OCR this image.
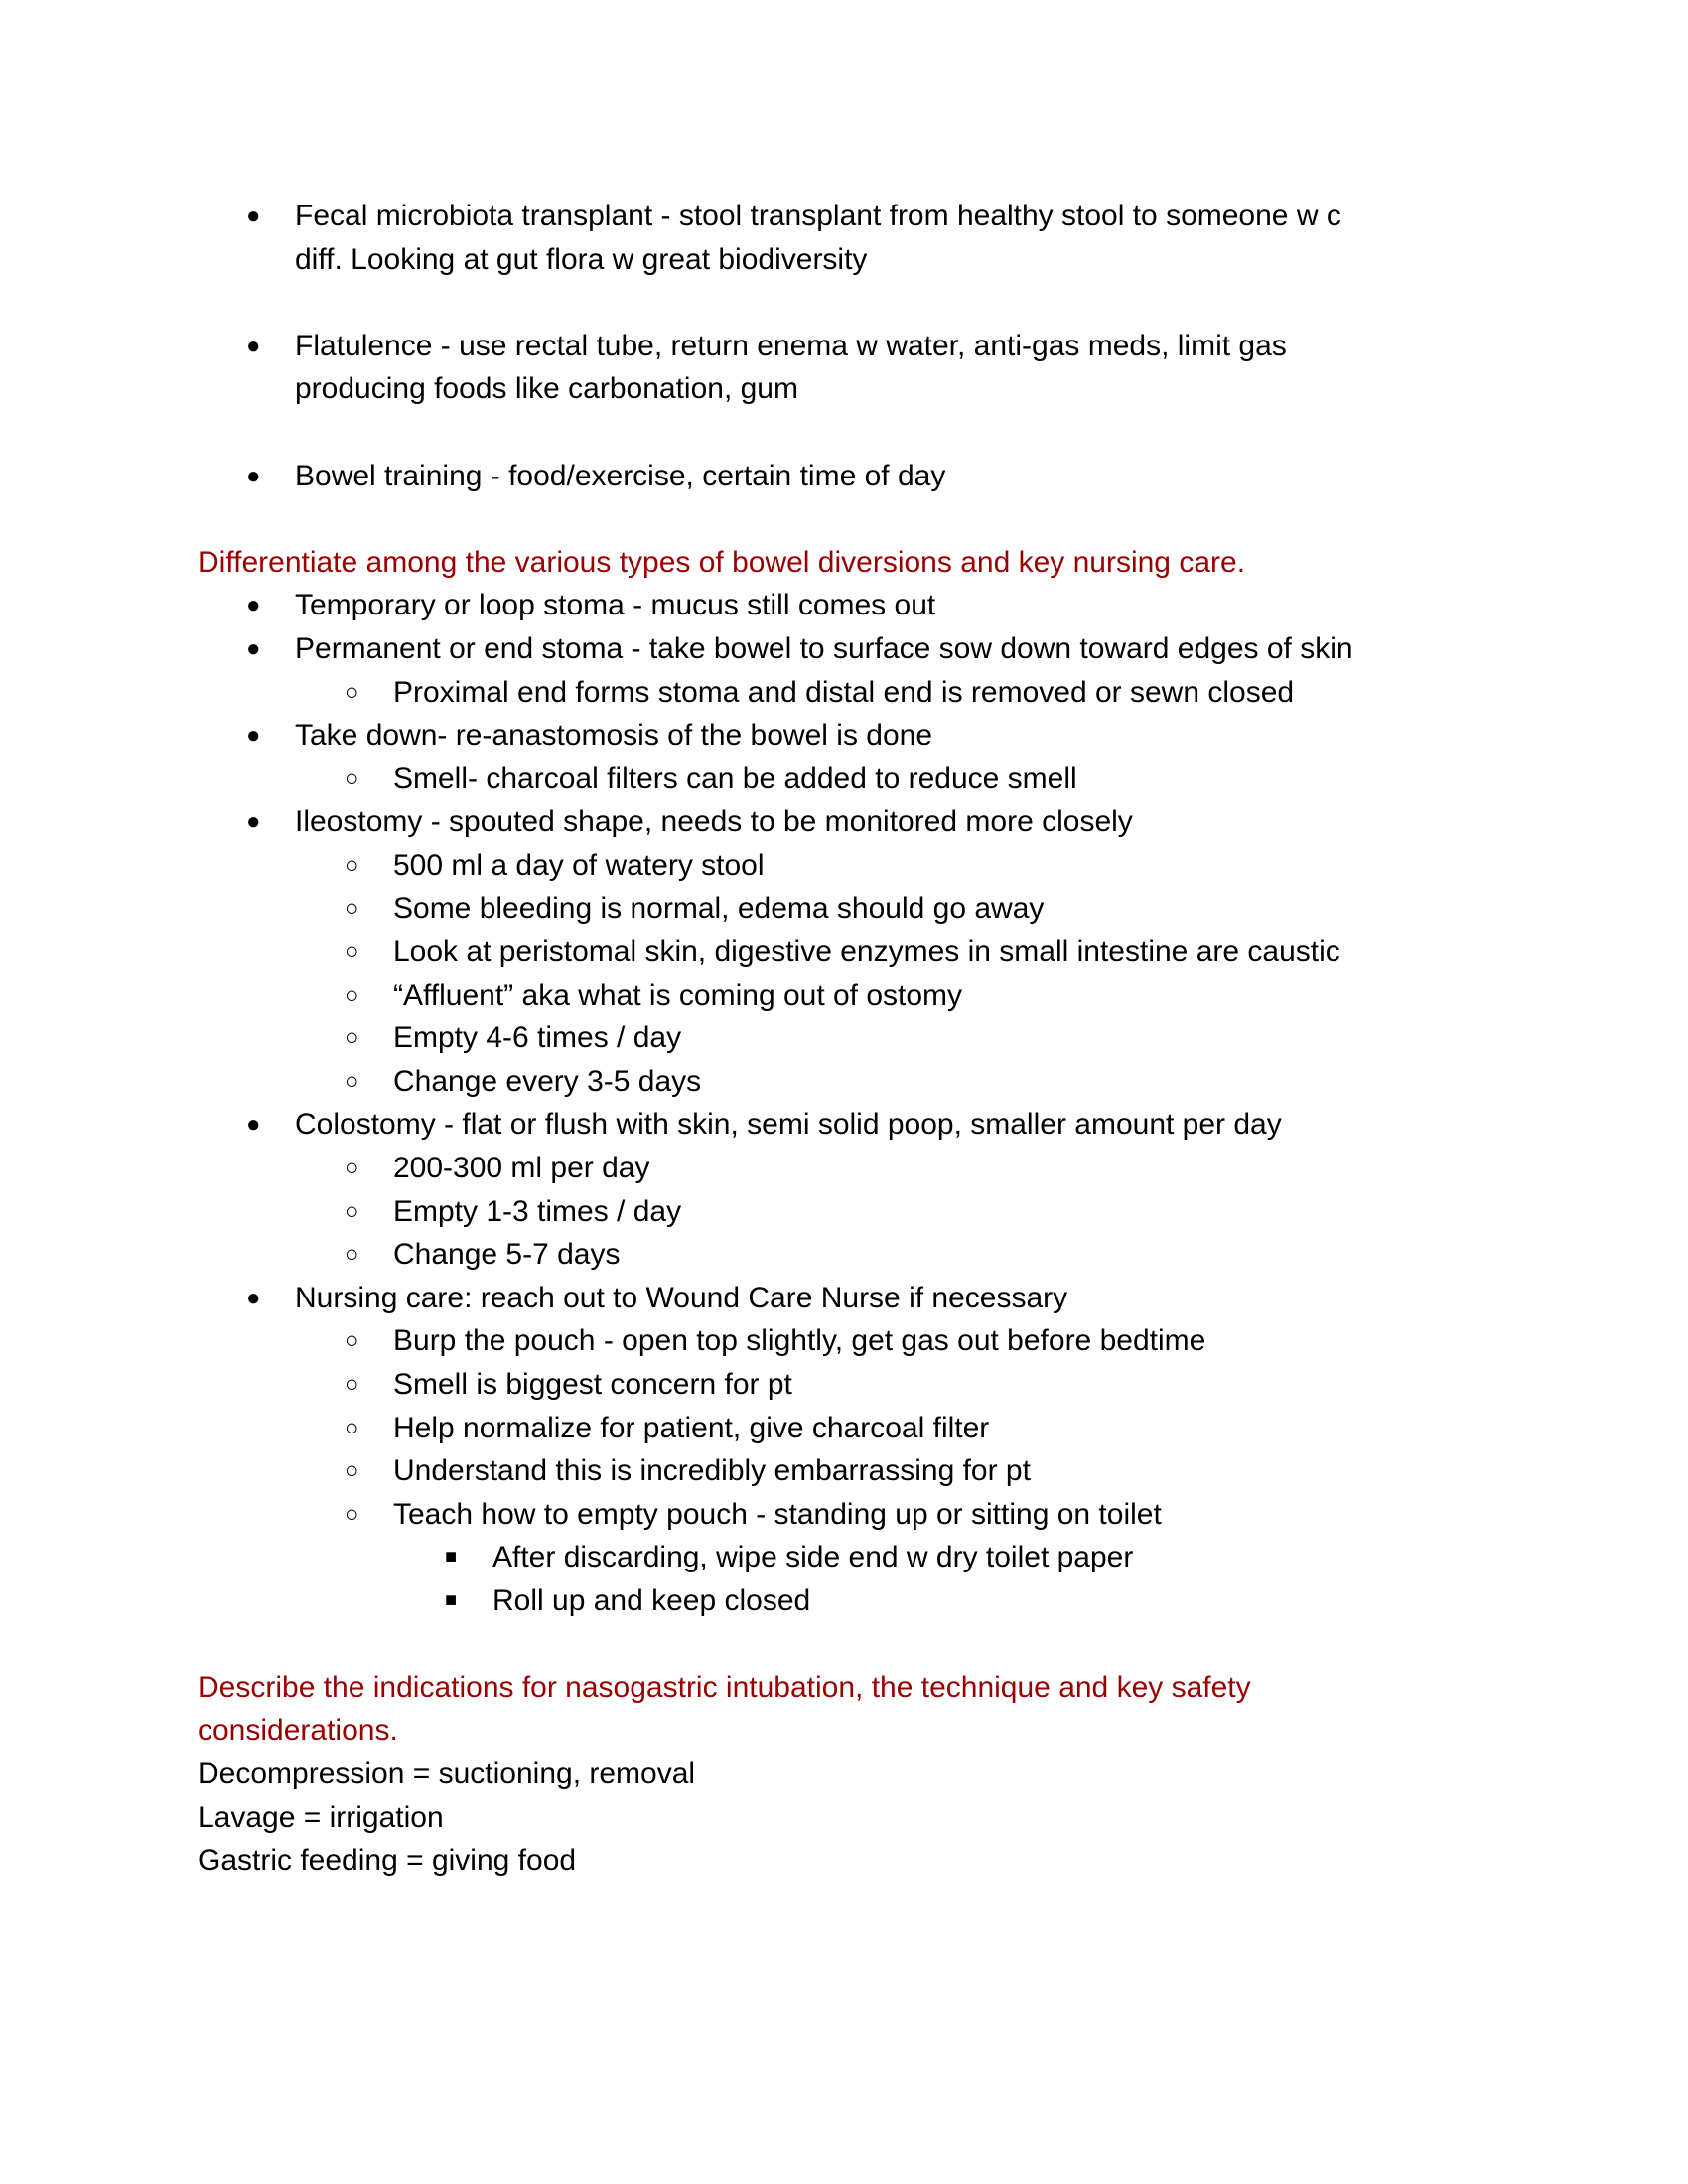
● Fecal microbiota transplant - stool transplant from healthy stool to someone w c
diff. Looking at gut flora w great biodiversity
● Flatulence - use rectal tube, return enema w water, anti-gas meds, limit gas
producing foods like carbonation, gum
● Bowel training - food/exercise, certain time of day
Differentiate among the various types of bowel diversions and key nursing care.
● Temporary or loop stoma - mucus still comes out
● Permanent or end stoma - take bowel to surface sow down toward edges of skin
○ Proximal end forms stoma and distal end is removed or sewn closed
● Take down- re-anastomosis of the bowel is done
○ Smell- charcoal filters can be added to reduce smell
● Ileostomy - spouted shape, needs to be monitored more closely
○ 500 ml a day of watery stool
○ Some bleeding is normal, edema should go away
○ Look at peristomal skin, digestive enzymes in small intestine are caustic
○ “Affluent” aka what is coming out of ostomy
○ Empty 4-6 times / day
○ Change every 3-5 days
● Colostomy - flat or flush with skin, semi solid poop, smaller amount per day
○ 200-300 ml per day
○ Empty 1-3 times / day
○ Change 5-7 days
● Nursing care: reach out to Wound Care Nurse if necessary
○ Burp the pouch - open top slightly, get gas out before bedtime
○ Smell is biggest concern for pt
○ Help normalize for patient, give charcoal filter
○ Understand this is incredibly embarrassing for pt
○ Teach how to empty pouch - standing up or sitting on toilet
■ After discarding, wipe side end w dry toilet paper
■ Roll up and keep closed
Describe the indications for nasogastric intubation, the technique and key safety
considerations.
Decompression = suctioning, removal
Lavage = irrigation
Gastric feeding = giving food
